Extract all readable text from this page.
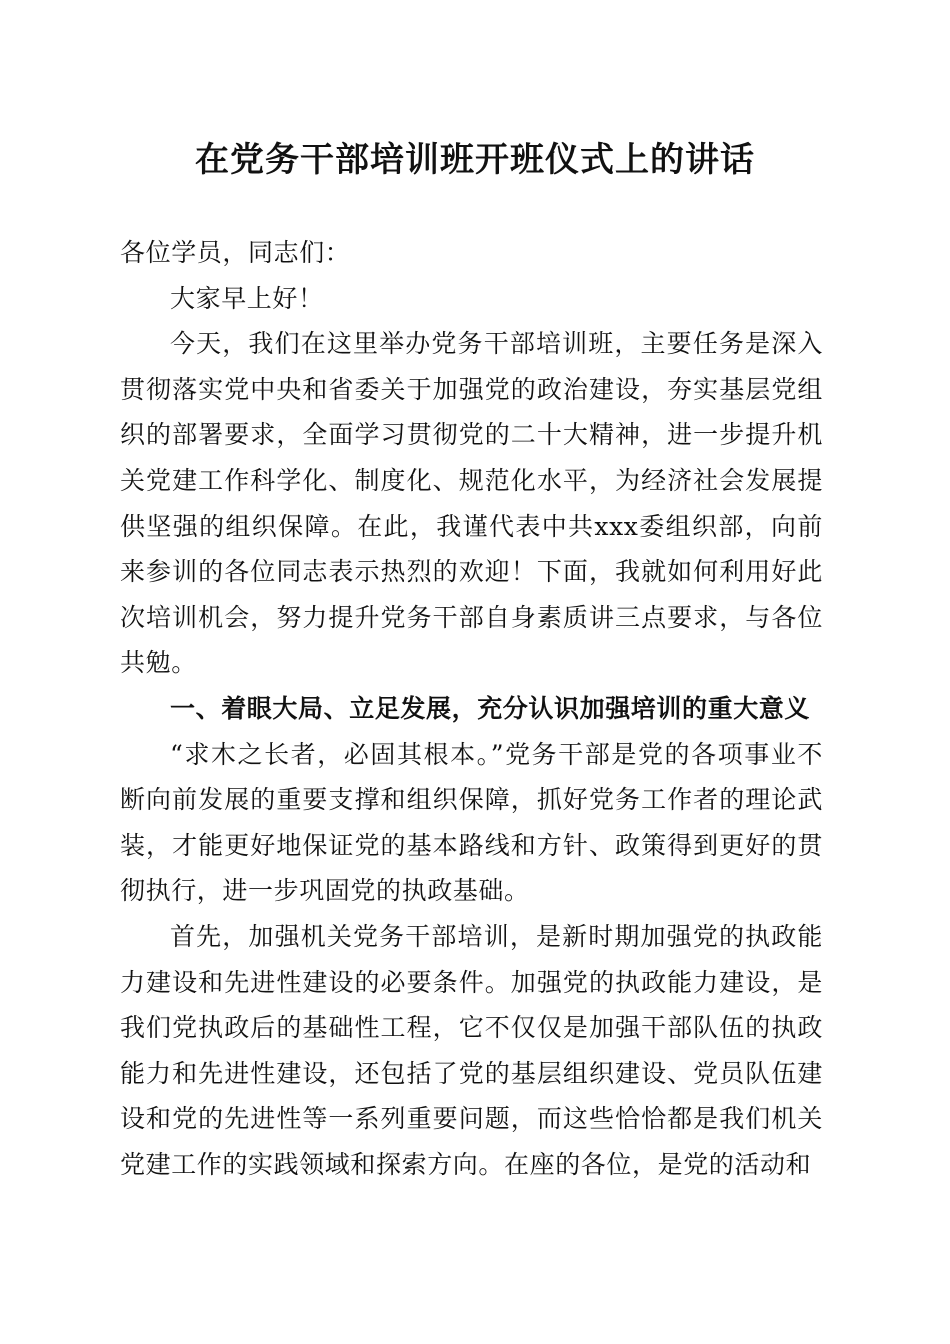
在党务干部培训班开班仪式上的讲话

各位学员，同志们：

大家早上好！

今天，我们在这里举办党务干部培训班，主要任务是深入贯彻落实党中央和省委关于加强党的政治建设，夯实基层党组织的部署要求，全面学习贯彻党的二十大精神，进一步提升机关党建工作科学化、制度化、规范化水平，为经济社会发展提供坚强的组织保障。在此，我谨代表中共xxx委组织部，向前来参训的各位同志表示热烈的欢迎！下面，我就如何利用好此次培训机会，努力提升党务干部自身素质讲三点要求，与各位共勉。

一、着眼大局、立足发展，充分认识加强培训的重大意义

“求木之长者，必固其根本。”党务干部是党的各项事业不断向前发展的重要支撑和组织保障，抓好党务工作者的理论武装，才能更好地保证党的基本路线和方针、政策得到更好的贯彻执行，进一步巩固党的执政基础。

首先，加强机关党务干部培训，是新时期加强党的执政能力建设和先进性建设的必要条件。加强党的执政能力建设，是我们党执政后的基础性工程，它不仅仅是加强干部队伍的执政能力和先进性建设，还包括了党的基层组织建设、党员队伍建设和党的先进性等一系列重要问题，而这些恰恰都是我们机关党建工作的实践领域和探索方向。在座的各位，是党的活动和
